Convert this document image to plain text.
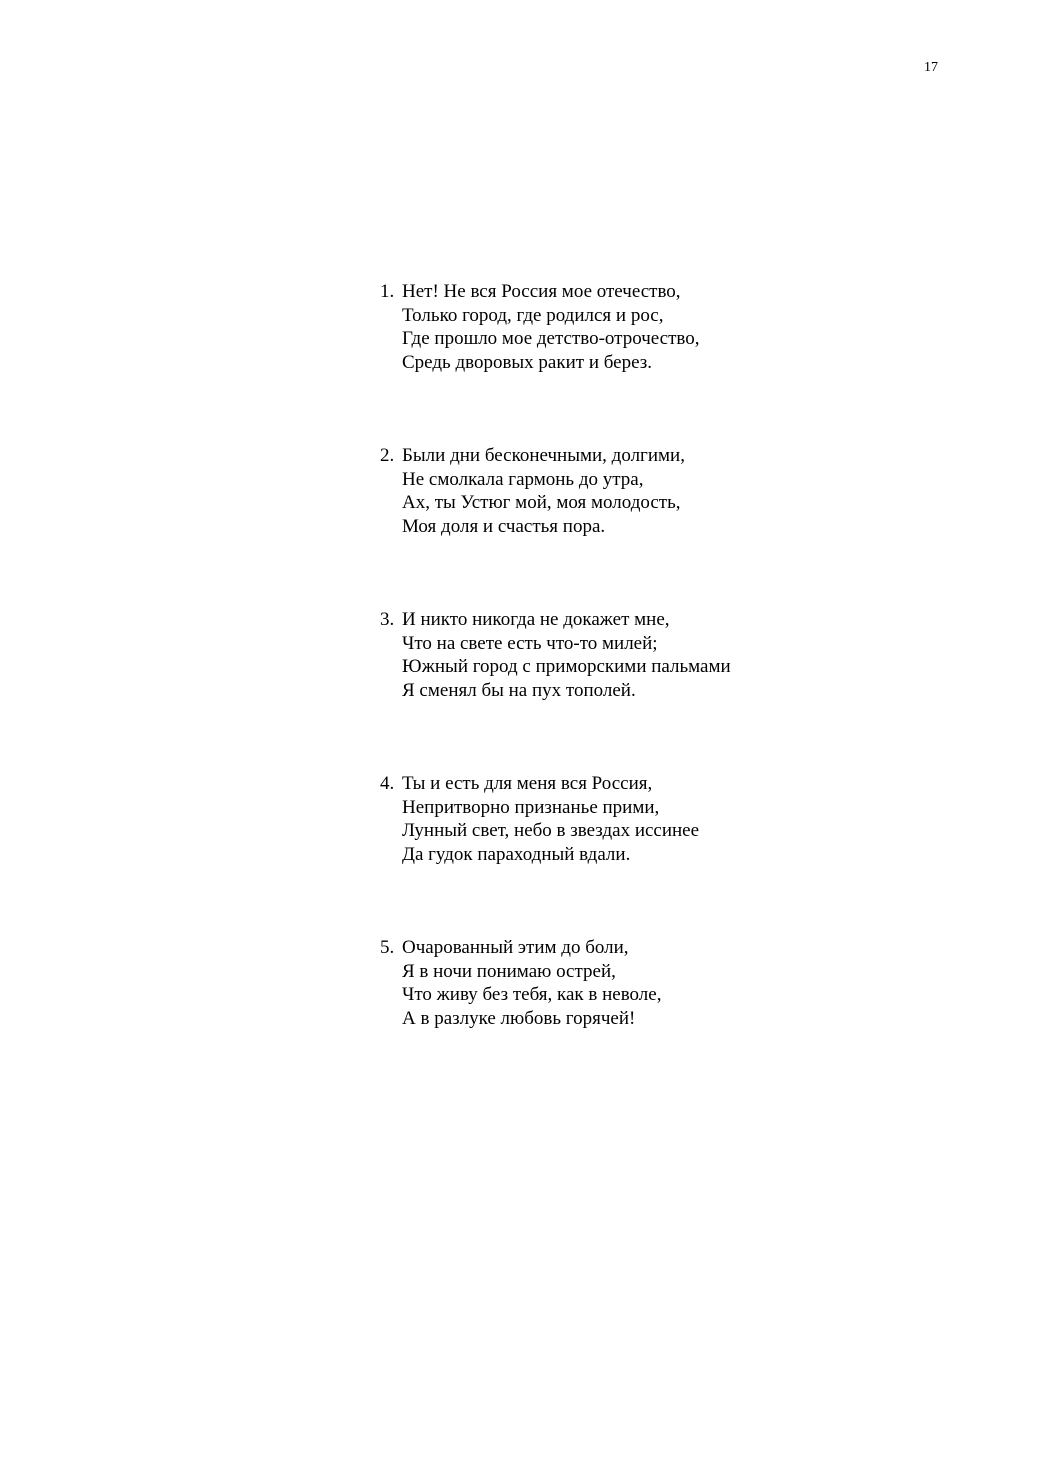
17
1. Нет! Не вся Россия мое отечество,
Только город, где родился и рос,
Где прошло мое детство-отрочество,
Средь дворовых ракит и берез.
2. Были дни бесконечными, долгими,
Не смолкала гармонь до утра,
Ах, ты Устюг мой, моя молодость,
Моя доля и счастья пора.
3. И никто никогда не докажет мне,
Что на свете есть что-то милей;
Южный город с приморскими пальмами
Я сменял бы на пух тополей.
4. Ты и есть для меня вся Россия,
Непритворно признанье прими,
Лунный свет, небо в звездах иссинее
Да гудок параходный вдали.
5. Очарованный этим до боли,
Я в ночи понимаю острей,
Что живу без тебя, как в неволе,
А в разлуке любовь горячей!
